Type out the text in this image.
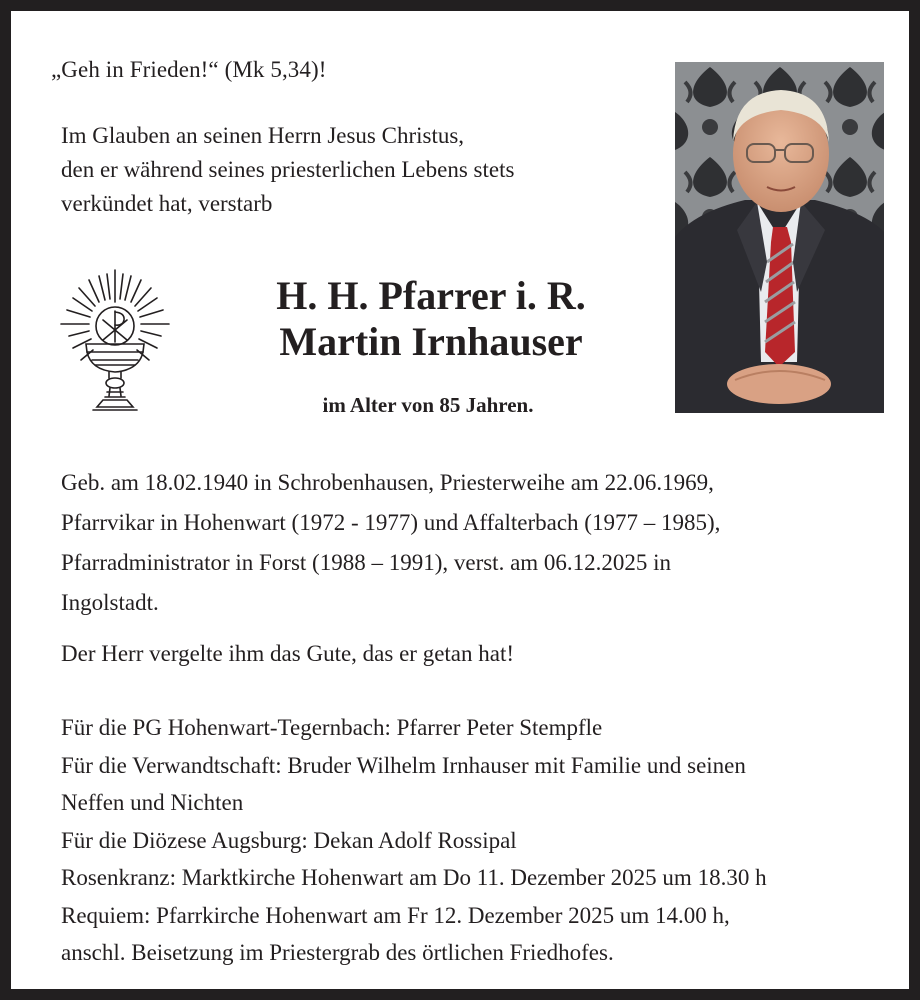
„Geh in Frieden!“ (Mk 5,34)!
Im Glauben an seinen Herrn Jesus Christus,
den er während seines priesterlichen Lebens stets
verkündet hat, verstarb
H. H. Pfarrer i. R.
Martin Irnhauser
im Alter von 85 Jahren.
Geb. am 18.02.1940 in Schrobenhausen, Priesterweihe am 22.06.1969,
Pfarrvikar in Hohenwart (1972 - 1977) und Affalterbach (1977 – 1985),
Pfarradministrator in Forst (1988 – 1991), verst. am 06.12.2025 in
Ingolstadt.
Der Herr vergelte ihm das Gute, das er getan hat!
Für die PG Hohenwart-Tegernbach: Pfarrer Peter Stempfle
Für die Verwandtschaft: Bruder Wilhelm Irnhauser mit Familie und seinen
Neffen und Nichten
Für die Diözese Augsburg: Dekan Adolf Rossipal
Rosenkranz: Marktkirche Hohenwart am Do 11. Dezember 2025 um 18.30 h
Requiem: Pfarrkirche Hohenwart am Fr 12. Dezember 2025 um 14.00 h,
anschl. Beisetzung im Priestergrab des örtlichen Friedhofes.
